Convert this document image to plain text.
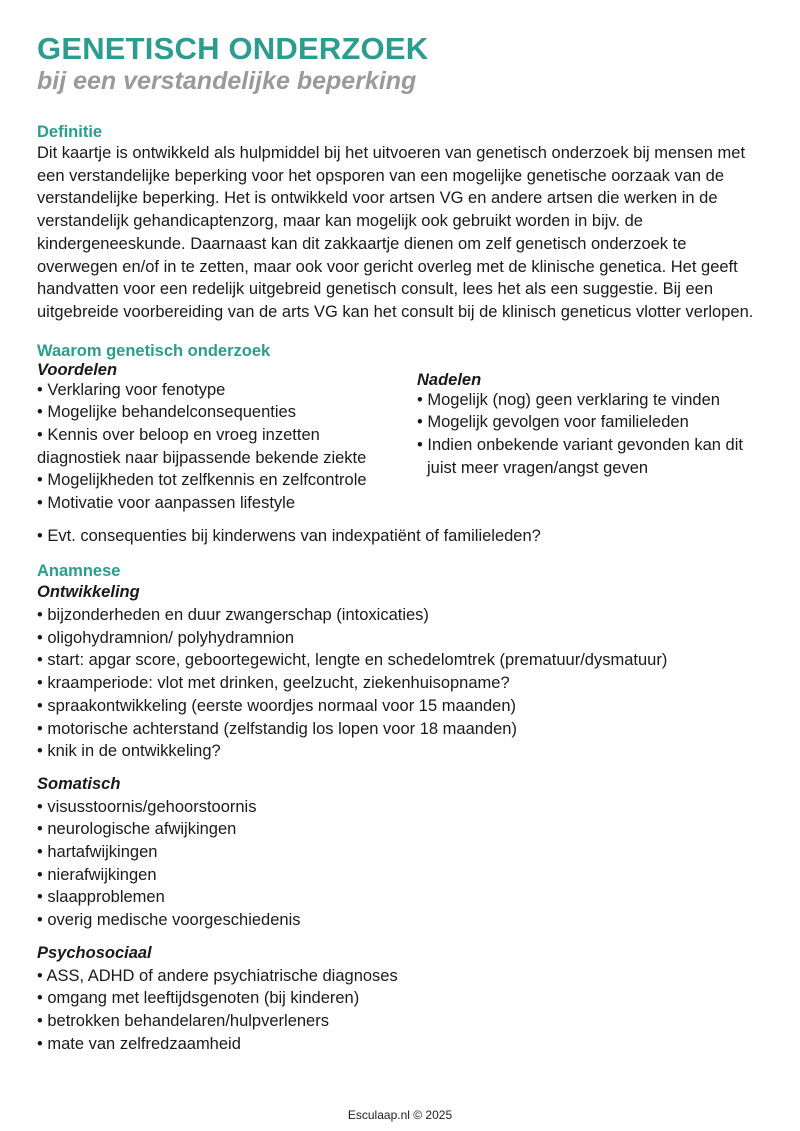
GENETISCH ONDERZOEK
bij een verstandelijke beperking
Definitie

Dit kaartje is ontwikkeld als hulpmiddel bij het uitvoeren van genetisch onderzoek bij mensen met een verstandelijke beperking voor het opsporen van een mogelijke genetische oorzaak van de verstandelijke beperking. Het is ontwikkeld voor artsen VG en andere artsen die werken in de verstandelijk gehandicaptenzorg, maar kan mogelijk ook gebruikt worden in bijv. de kindergeneeskunde. Daarnaast kan dit zakkaartje dienen om zelf genetisch onderzoek te overwegen en/of in te zetten, maar ook voor gericht overleg met de klinische genetica. Het geeft handvatten voor een redelijk uitgebreid genetisch consult, lees het als een suggestie. Bij een uitgebreide voorbereiding van de arts VG kan het consult bij de klinisch geneticus vlotter verlopen.

Waarom genetisch onderzoek
Voordelen
• Verklaring voor fenotype
• Mogelijke behandelconsequenties
• Kennis over beloop en vroeg inzetten diagnostiek naar bijpassende bekende ziekte
• Mogelijkheden tot zelfkennis en zelfcontrole
• Motivatie voor aanpassen lifestyle
Nadelen
• Mogelijk (nog) geen verklaring te vinden
• Mogelijk gevolgen voor familieleden
• Indien onbekende variant gevonden kan dit juist meer vragen/angst geven
• Evt. consequenties bij kinderwens van indexpatiënt of familieleden?
Anamnese
Ontwikkeling
• bijzonderheden en duur zwangerschap (intoxicaties)
• oligohydramnion/ polyhydramnion
• start: apgar score, geboortegewicht, lengte en schedelomtrek (prematuur/dysmatuur)
• kraamperiode: vlot met drinken, geelzucht, ziekenhuisopname?
• spraakontwikkeling (eerste woordjes normaal voor 15 maanden)
• motorische achterstand (zelfstandig los lopen voor 18 maanden)
• knik in de ontwikkeling?
Somatisch
• visusstoornis/gehoorstoornis
• neurologische afwijkingen
• hartafwijkingen
• nierafwijkingen
• slaapproblemen
• overig medische voorgeschiedenis
Psychosociaal
• ASS, ADHD of andere psychiatrische diagnoses
• omgang met leeftijdsgenoten (bij kinderen)
• betrokken behandelaren/hulpverleners
• mate van zelfredzaamheid
Esculaap.nl © 2025
